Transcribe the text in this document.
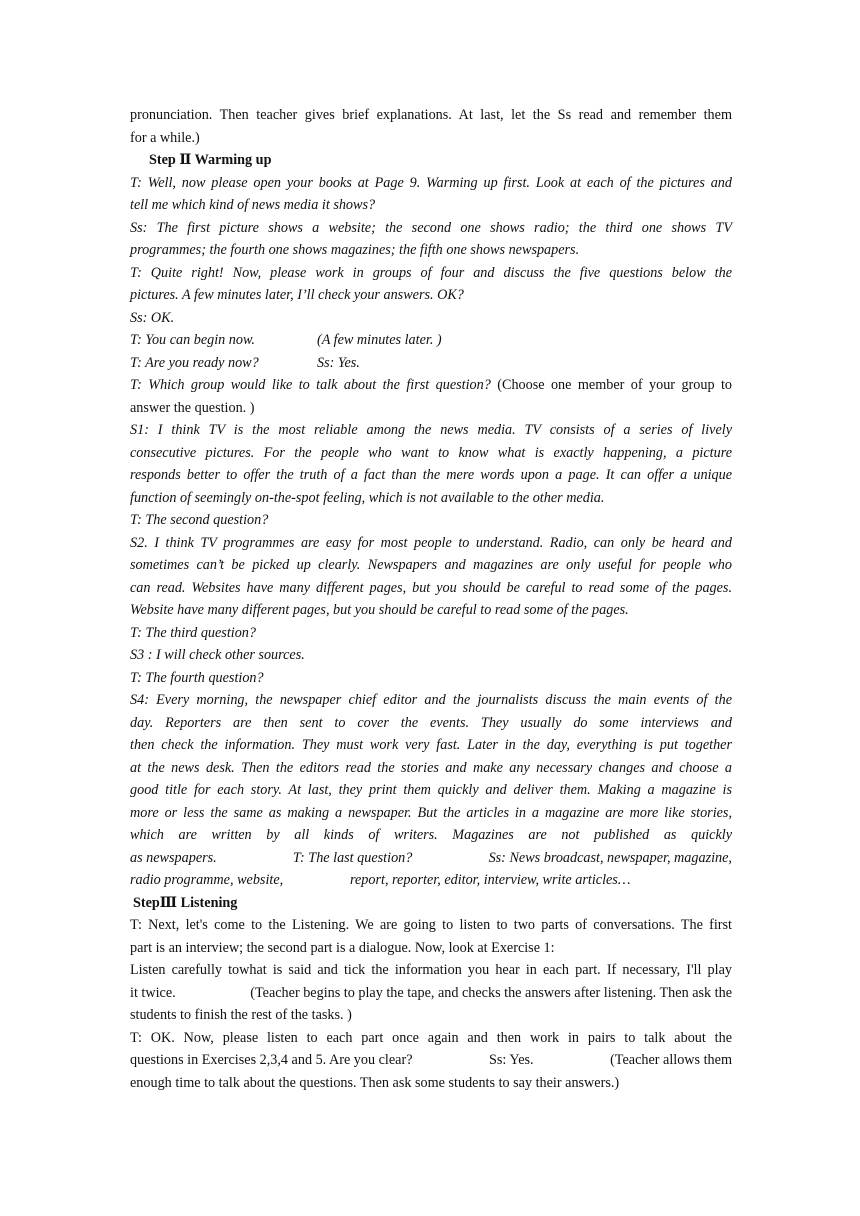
pronunciation. Then teacher gives brief explanations. At last, let the Ss read and remember them

for a while.)

Step Ⅱ Warming up

T: Well, now please open your books at Page 9. Warming up first. Look at each of the pictures and

tell me which kind of news media it shows?

Ss: The first picture shows a website; the second one shows radio; the third one shows TV

programmes; the fourth one shows magazines; the fifth one shows newspapers.

T: Quite right! Now, please work in groups of four and discuss the five questions below the

pictures. A few minutes later, I’ll check your answers. OK?

Ss: OK.

T: You can begin now.	(A few minutes later. )

T: Are you ready now?	Ss: Yes.

T: Which group would like to talk about the first question? (Choose one member of your group to

answer the question. )

S1: I think TV is the most reliable among the news media. TV consists of a series of lively

consecutive pictures. For the people who want to know what is exactly happening, a picture

responds better to offer the truth of a fact than the mere words upon a page. It can offer a unique

function of seemingly on-the-spot feeling, which is not available to the other media.

T: The second question?

S2. I think TV programmes are easy for most people to understand. Radio, can only be heard and

sometimes can’t be picked up clearly. Newspapers and magazines are only useful for people who

can read. Websites have many different pages, but you should be careful to read some of the pages.

Website have many different pages, but you should be careful to read some of the pages.

T: The third question?

S3 : I will check other sources.

T: The fourth question?

S4: Every morning, the newspaper chief editor and the journalists discuss the main events of the

day. Reporters are then sent to cover the events. They usually do some interviews and

then check the information. They must work very fast. Later in the day, everything is put together

at the news desk. Then the editors read the stories and make any necessary changes and choose a

good title for each story. At last, they print them quickly and deliver them. Making a magazine is

more or less the same as making a newspaper. But the articles in a magazine are more like stories,

which are written by all kinds of writers. Magazines are not published as quickly

as newspapers.	T: The last question?	Ss: News broadcast, newspaper, magazine,

radio programme, website,	report, reporter, editor, interview, write articles…

StepⅢ Listening

T: Next, let's come to the Listening. We are going to listen to two parts of conversations. The first

part is an interview; the second part is a dialogue. Now, look at Exercise 1:

Listen carefully towhat is said and tick the information you hear in each part. If necessary, I'll play

it twice.	(Teacher begins to play the tape, and checks the answers after listening. Then ask the

students to finish the rest of the tasks. )

T: OK. Now, please listen to each part once again and then work in pairs to talk about the

questions in Exercises 2,3,4 and 5. Are you clear?	Ss: Yes.	(Teacher allows them

enough time to talk about the questions. Then ask some students to say their answers.)
